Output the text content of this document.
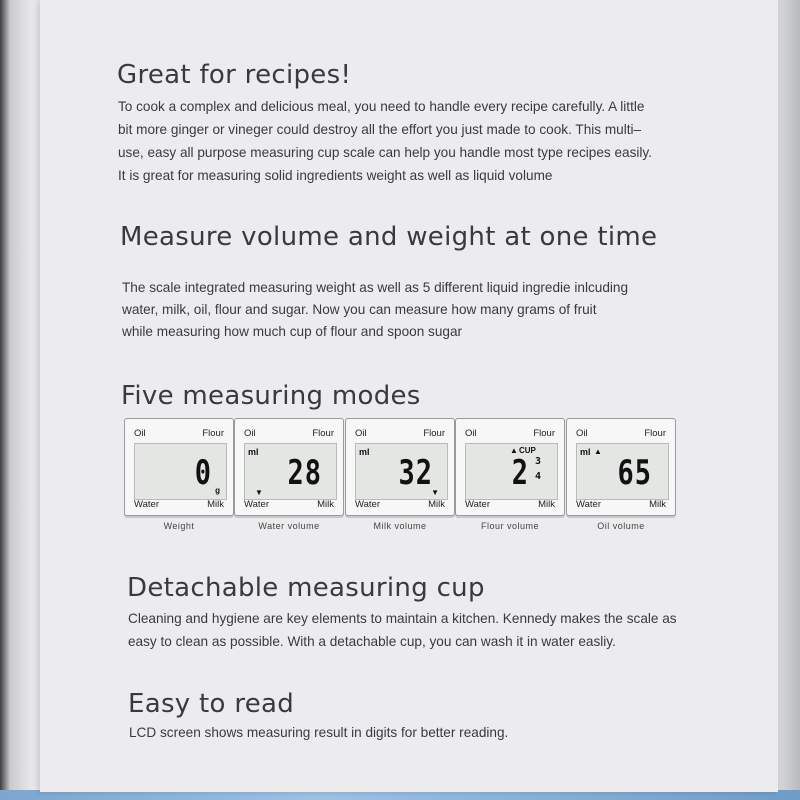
Great for recipes!

To cook a complex and delicious meal, you need to handle every recipe carefully. A little
bit more ginger or vineger could destroy all the effort you just made to cook. This multi–
use, easy all purpose measuring cup scale can help you handle most type recipes easily.
It is great for measuring solid ingredients weight as well as liquid volume

Measure volume and weight at one time

The scale integrated measuring weight as well as 5 different liquid ingredie inlcuding
water, milk, oil, flour and sugar. Now you can measure how many grams of fruit
while measuring how much cup of flour and spoon sugar

Five measuring modes
Oil	Flour
0 g
Water	Milk
Weight
Oil	Flour
ml
28
▼
Water	Milk
Water volume
Oil	Flour
ml
32
▼
Water	Milk
Milk volume
Oil	Flour
▲ CUP
2 3
4
Water	Milk
Flour volume
Oil	Flour
ml ▲
65
Water	Milk
Oil volume
Detachable measuring cup

Cleaning and hygiene are key elements to maintain a kitchen. Kennedy makes the scale as
easy to clean as possible. With a detachable cup, you can wash it in water easliy.

Easy to read

LCD screen shows measuring result in digits for better reading.
